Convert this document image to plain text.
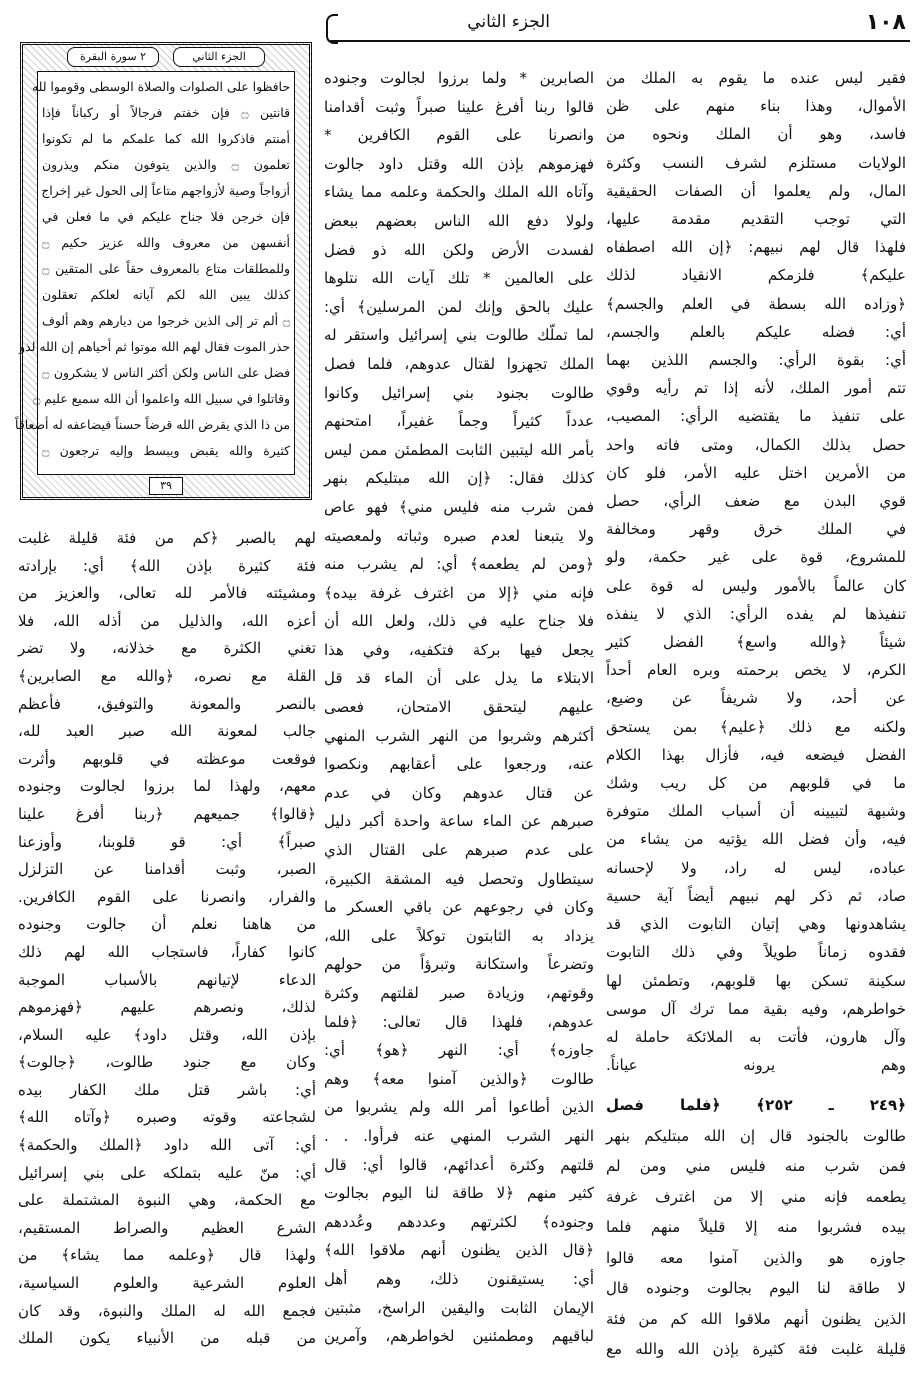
١٠٨
الجزء الثاني
الجزء الثاني
٢ سورة البقرة
حافظوا على الصلوات والصلاة الوسطى وقوموا لله
قانتين ۝ فإن خفتم فرجالاً أو ركباناً فإذا
أمنتم فاذكروا الله كما علمكم ما لم تكونوا
تعلمون ۝ والذين يتوفون منكم ويذرون
أزواجاً وصية لأزواجهم متاعاً إلى الحول غير إخراج
فإن خرجن فلا جناح عليكم في ما فعلن في
أنفسهن من معروف والله عزيز حكيم ۝
وللمطلقات متاع بالمعروف حقاً على المتقين ۝
كذلك يبين الله لكم آياته لعلكم تعقلون
۝ ألم تر إلى الذين خرجوا من ديارهم وهم ألوف
حذر الموت فقال لهم الله موتوا ثم أحياهم إن الله لذو
فضل على الناس ولكن أكثر الناس لا يشكرون ۝
وقاتلوا في سبيل الله واعلموا أن الله سميع عليم ۝
من ذا الذي يقرض الله قرضاً حسناً فيضاعفه له أضعافاً
كثيرة والله يقبض ويبسط وإليه ترجعون ۝
٣٩
فقير ليس عنده ما يقوم به الملك من
الأموال، وهذا بناء منهم على ظن
فاسد، وهو أن الملك ونحوه من
الولايات مستلزم لشرف النسب وكثرة
المال، ولم يعلموا أن الصفات الحقيقية
التي توجب التقديم مقدمة عليها،
فلهذا قال لهم نبيهم: ﴿إن الله اصطفاه
عليكم﴾ فلزمكم الانقياد لذلك
﴿وزاده الله بسطة في العلم والجسم﴾
أي: فضله عليكم بالعلم والجسم،
أي: بقوة الرأي: والجسم اللذين بهما
تتم أمور الملك، لأنه إذا تم رأيه وقوي
على تنفيذ ما يقتضيه الرأي: المصيب،
حصل بذلك الكمال، ومتى فاته واحد
من الأمرين اختل عليه الأمر، فلو كان
قوي البدن مع ضعف الرأي، حصل
في الملك خرق وقهر ومخالفة
للمشروع، قوة على غير حكمة، ولو
كان عالماً بالأمور وليس له قوة على
تنفيذها لم يفده الرأي: الذي لا ينفذه
شيئاً ﴿والله واسع﴾ الفضل كثير
الكرم، لا يخص برحمته وبره العام أحداً
عن أحد، ولا شريفاً عن وضيع،
ولكنه مع ذلك ﴿عليم﴾ بمن يستحق
الفضل فيضعه فيه، فأزال بهذا الكلام
ما في قلوبهم من كل ريب وشك
وشبهة لتبيينه أن أسباب الملك متوفرة
فيه، وأن فضل الله يؤتيه من يشاء من
عباده، ليس له راد، ولا لإحسانه
صاد، ثم ذكر لهم نبيهم أيضاً آية حسية
يشاهدونها وهي إتيان التابوت الذي قد
فقدوه زماناً طويلاً وفي ذلك التابوت
سكينة تسكن بها قلوبهم، وتطمئن لها
خواطرهم، وفيه بقية مما ترك آل موسى
وآل هارون، فأتت به الملائكة حاملة له
وهم يرونه عياناً.
﴿٢٤٩ ـ ٢٥٢﴾ ﴿فلما فصل
طالوت بالجنود قال إن الله مبتليكم بنهر
فمن شرب منه فليس مني ومن لم
يطعمه فإنه مني إلا من اغترف غرفة
بيده فشربوا منه إلا قليلاً منهم فلما
جاوزه هو والذين آمنوا معه قالوا
لا طاقة لنا اليوم بجالوت وجنوده قال
الذين يظنون أنهم ملاقوا الله كم من فئة
قليلة غلبت فئة كثيرة بإذن الله والله مع
الصابرين * ولما برزوا لجالوت وجنوده
قالوا ربنا أفرغ علينا صبراً وثبت أقدامنا
وانصرنا على القوم الكافرين *
فهزموهم بإذن الله وقتل داود جالوت
وآتاه الله الملك والحكمة وعلمه مما يشاء
ولولا دفع الله الناس بعضهم ببعض
لفسدت الأرض ولكن الله ذو فضل
على العالمين * تلك آيات الله نتلوها
عليك بالحق وإنك لمن المرسلين﴾ أي:
لما تملّك طالوت بني إسرائيل واستقر له
الملك تجهزوا لقتال عدوهم، فلما فصل
طالوت بجنود بني إسرائيل وكانوا
عدداً كثيراً وجماً غفيراً، امتحنهم
بأمر الله ليتبين الثابت المطمئن ممن ليس
كذلك فقال: ﴿إن الله مبتليكم بنهر
فمن شرب منه فليس مني﴾ فهو عاص
ولا يتبعنا لعدم صبره وثباته ولمعصيته
﴿ومن لم يطعمه﴾ أي: لم يشرب منه
فإنه مني ﴿إلا من اغترف غرفة بيده﴾
فلا جناح عليه في ذلك، ولعل الله أن
يجعل فيها بركة فتكفيه، وفي هذا
الابتلاء ما يدل على أن الماء قد قل
عليهم ليتحقق الامتحان، فعصى
أكثرهم وشربوا من النهر الشرب المنهي
عنه، ورجعوا على أعقابهم ونكصوا
عن قتال عدوهم وكان في عدم
صبرهم عن الماء ساعة واحدة أكبر دليل
على عدم صبرهم على القتال الذي
سيتطاول وتحصل فيه المشقة الكبيرة،
وكان في رجوعهم عن باقي العسكر ما
يزداد به الثابتون توكلاً على الله،
وتضرعاً واستكانة وتبرؤاً من حولهم
وقوتهم، وزيادة صبر لقلتهم وكثرة
عدوهم، فلهذا قال تعالى: ﴿فلما
جاوزه﴾ أي: النهر ﴿هو﴾ أي:
طالوت ﴿والذين آمنوا معه﴾ وهم
الذين أطاعوا أمر الله ولم يشربوا من
النهر الشرب المنهي عنه فرأوا. . .
قلتهم وكثرة أعدائهم، قالوا أي: قال
كثير منهم ﴿لا طاقة لنا اليوم بجالوت
وجنوده﴾ لكثرتهم وعددهم وعُددهم
﴿قال الذين يظنون أنهم ملاقوا الله﴾
أي: يستيقنون ذلك، وهم أهل
الإيمان الثابت واليقين الراسخ، مثبتين
لباقيهم ومطمئنين لخواطرهم، وآمرين
لهم بالصبر ﴿كم من فئة قليلة غلبت
فئة كثيرة بإذن الله﴾ أي: بإرادته
ومشيئته فالأمر لله تعالى، والعزيز من
أعزه الله، والذليل من أذله الله، فلا
تغني الكثرة مع خذلانه، ولا تضر
القلة مع نصره، ﴿والله مع الصابرين﴾
بالنصر والمعونة والتوفيق، فأعظم
جالب لمعونة الله صبر العبد لله،
فوقعت موعظته في قلوبهم وأثرت
معهم، ولهذا لما برزوا لجالوت وجنوده
﴿قالوا﴾ جميعهم ﴿ربنا أفرغ علينا
صبراً﴾ أي: قو قلوبنا، وأوزعنا
الصبر، وثبت أقدامنا عن التزلزل
والفرار، وانصرنا على القوم الكافرين.
من هاهنا نعلم أن جالوت وجنوده
كانوا كفاراً، فاستجاب الله لهم ذلك
الدعاء لإتيانهم بالأسباب الموجبة
لذلك، ونصرهم عليهم ﴿فهزموهم
بإذن الله، وقتل داود﴾ عليه السلام،
وكان مع جنود طالوت، ﴿جالوت﴾
أي: باشر قتل ملك الكفار بيده
لشجاعته وقوته وصبره ﴿وآتاه الله﴾
أي: آتى الله داود ﴿الملك والحكمة﴾
أي: منّ عليه بتملكه على بني إسرائيل
مع الحكمة، وهي النبوة المشتملة على
الشرع العظيم والصراط المستقيم،
ولهذا قال ﴿وعلمه مما يشاء﴾ من
العلوم الشرعية والعلوم السياسية،
فجمع الله له الملك والنبوة، وقد كان
من قبله من الأنبياء يكون الملك
